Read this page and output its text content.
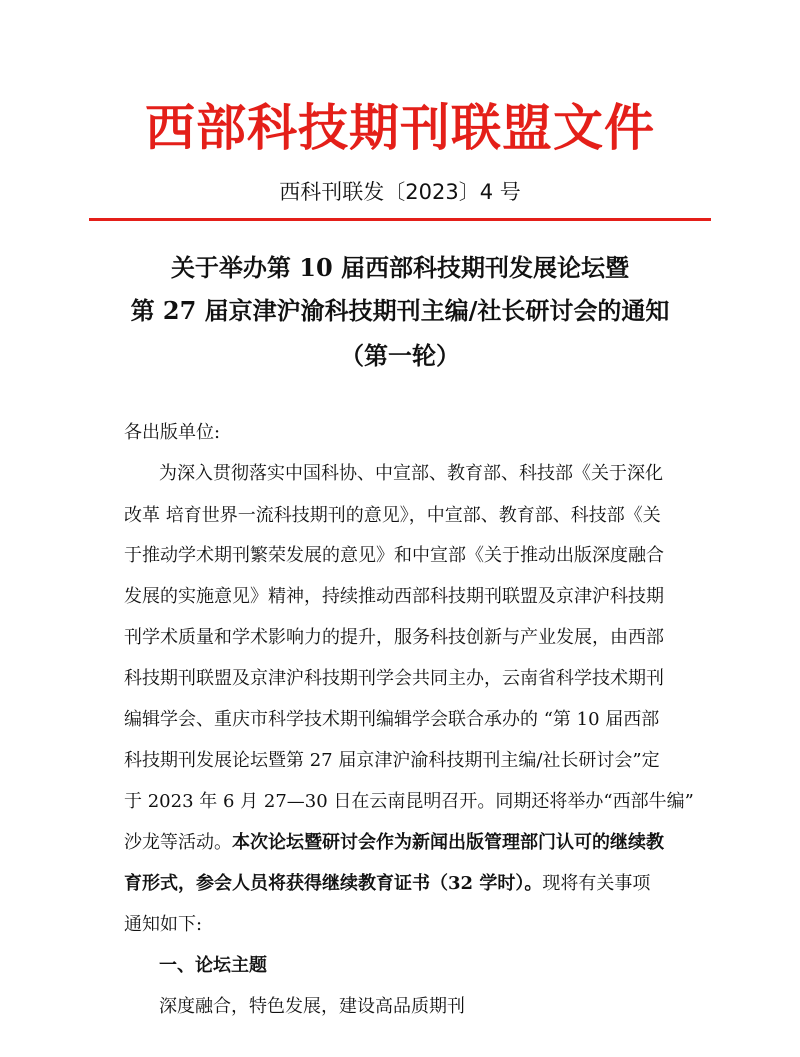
西部科技期刊联盟文件
西科刊联发〔2023〕4 号
关于举办第 10 届西部科技期刊发展论坛暨
第 27 届京津沪渝科技期刊主编/社长研讨会的通知
（第一轮）
各出版单位:
为深入贯彻落实中国科协、中宣部、教育部、科技部《关于深化
改革 培育世界一流科技期刊的意见》，中宣部、教育部、科技部《关
于推动学术期刊繁荣发展的意见》和中宣部《关于推动出版深度融合
发展的实施意见》精神，持续推动西部科技期刊联盟及京津沪科技期
刊学术质量和学术影响力的提升，服务科技创新与产业发展，由西部
科技期刊联盟及京津沪科技期刊学会共同主办，云南省科学技术期刊
编辑学会、重庆市科学技术期刊编辑学会联合承办的 “第 10 届西部
科技期刊发展论坛暨第 27 届京津沪渝科技期刊主编/社长研讨会”定
于 2023 年 6 月 27—30 日在云南昆明召开。同期还将举办“西部牛编”
沙龙等活动。本次论坛暨研讨会作为新闻出版管理部门认可的继续教
育形式，参会人员将获得继续教育证书（32 学时）。现将有关事项
通知如下:
一、论坛主题
深度融合，特色发展，建设高品质期刊
